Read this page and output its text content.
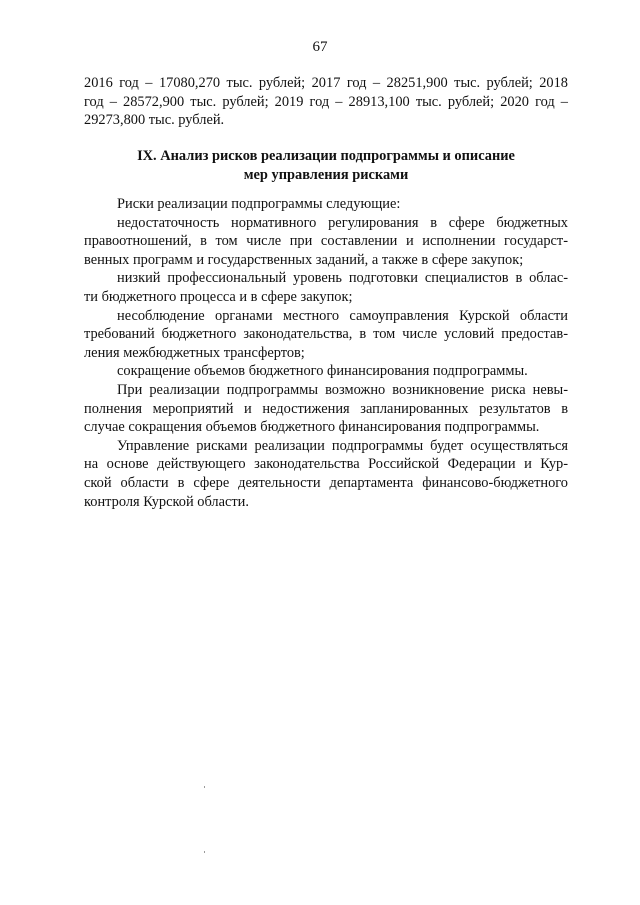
67
2016 год – 17080,270 тыс. рублей; 2017 год – 28251,900 тыс. рублей; 2018
год – 28572,900 тыс. рублей; 2019 год – 28913,100 тыс. рублей; 2020 год –
29273,800 тыс. рублей.
IX. Анализ рисков реализации подпрограммы и описание
мер управления рисками
Риски реализации подпрограммы следующие:
недостаточность нормативного регулирования в сфере бюджетных
правоотношений, в том числе при составлении и исполнении государст-
венных программ и государственных заданий, а также в сфере закупок;
низкий профессиональный уровень подготовки специалистов в облас-
ти бюджетного процесса и в сфере закупок;
несоблюдение органами местного самоуправления Курской области
требований бюджетного законодательства, в том числе условий предостав-
ления межбюджетных трансфертов;
сокращение объемов бюджетного финансирования подпрограммы.
При реализации подпрограммы возможно возникновение риска невы-
полнения мероприятий и недостижения запланированных результатов в
случае сокращения объемов бюджетного финансирования подпрограммы.
Управление рисками реализации подпрограммы будет осуществляться
на основе действующего законодательства Российской Федерации и Кур-
ской области в сфере деятельности департамента финансово-бюджетного
контроля Курской области.
